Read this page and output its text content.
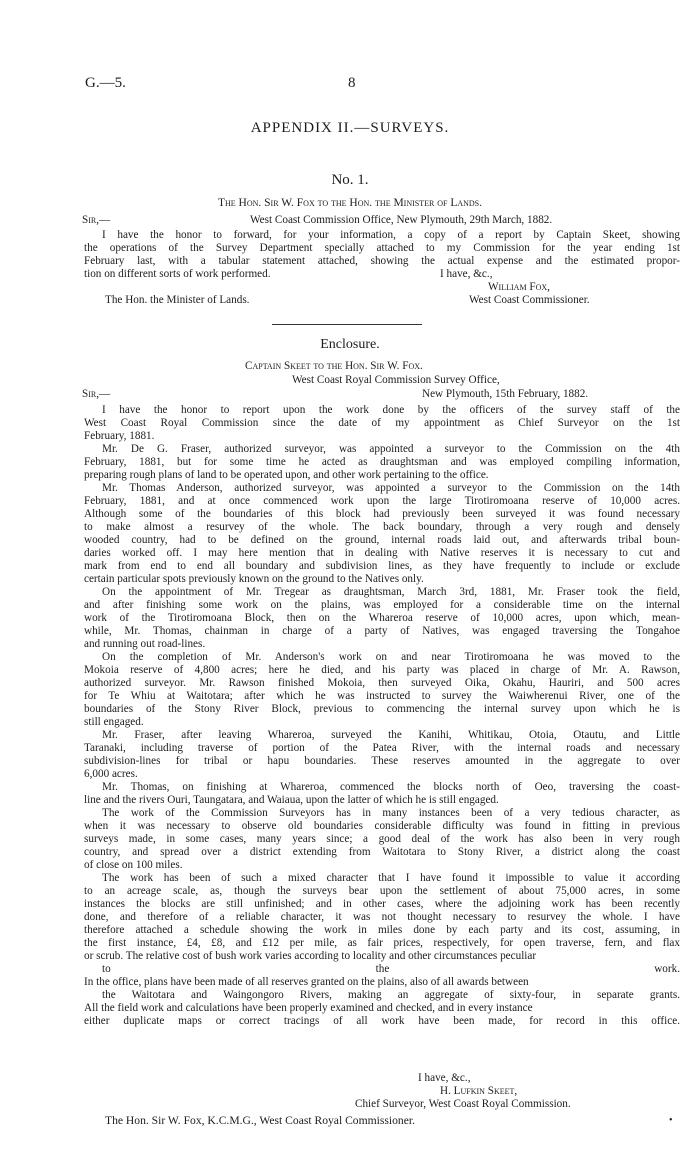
G.—5.	8
APPENDIX II.—SURVEYS.
No. 1.
The Hon. Sir W. Fox to the Hon. the Minister of Lands.
Sir,—	West Coast Commission Office, New Plymouth, 29th March, 1882.
I have the honor to forward, for your information, a copy of a report by Captain Skeet, showing
the operations of the Survey Department specially attached to my Commission for the year ending 1st
February last, with a tabular statement attached, showing the actual expense and the estimated propor-
tion on different sorts of work performed.	I have, &c.,
William Fox,
The Hon. the Minister of Lands.	West Coast Commissioner.
Enclosure.
Captain Skeet to the Hon. Sir W. Fox.
West Coast Royal Commission Survey Office,
Sir,—	New Plymouth, 15th February, 1882.
I have the honor to report upon the work done by the officers of the survey staff of the
West Coast Royal Commission since the date of my appointment as Chief Surveyor on the 1st
February, 1881.
Mr. De G. Fraser, authorized surveyor, was appointed a surveyor to the Commission on the 4th
February, 1881, but for some time he acted as draughtsman and was employed compiling information,
preparing rough plans of land to be operated upon, and other work pertaining to the office.
Mr. Thomas Anderson, authorized surveyor, was appointed a surveyor to the Commission on the 14th
February, 1881, and at once commenced work upon the large Tirotiromoana reserve of 10,000 acres.
Although some of the boundaries of this block had previously been surveyed it was found necessary
to make almost a resurvey of the whole. The back boundary, through a very rough and densely
wooded country, had to be defined on the ground, internal roads laid out, and afterwards tribal boun-
daries worked off. I may here mention that in dealing with Native reserves it is necessary to cut and
mark from end to end all boundary and subdivision lines, as they have frequently to include or exclude
certain particular spots previously known on the ground to the Natives only.
On the appointment of Mr. Tregear as draughtsman, March 3rd, 1881, Mr. Fraser took the field,
and after finishing some work on the plains, was employed for a considerable time on the internal
work of the Tirotiromoana Block, then on the Wharerоa reserve of 10,000 acres, upon which, mean-
while, Mr. Thomas, chainman in charge of a party of Natives, was engaged traversing the Tongahoe
and running out road-lines.
On the completion of Mr. Anderson's work on and near Tirotiromoana he was moved to the
Mokoia reserve of 4,800 acres; here he died, and his party was placed in charge of Mr. A. Rawson,
authorized surveyor. Mr. Rawson finished Mokoia, then surveyed Oika, Okahu, Hauriri, and 500 acres
for Te Whiu at Waitotara; after which he was instructed to survey the Waiwherenui River, one of the
boundaries of the Stony River Block, previous to commencing the internal survey upon which he is
still engaged.
Mr. Fraser, after leaving Whareroa, surveyed the Kanihi, Whitikau, Otoia, Otautu, and Little
Taranaki, including traverse of portion of the Patea River, with the internal roads and necessary
subdivision-lines for tribal or hapu boundaries. These reserves amounted in the aggregate to over
6,000 acres.
Mr. Thomas, on finishing at Whareroa, commenced the blocks north of Oeo, traversing the coast-
line and the rivers Ouri, Taungatara, and Waiaua, upon the latter of which he is still engaged.
The work of the Commission Surveyors has in many instances been of a very tedious character, as
when it was necessary to observe old boundaries considerable difficulty was found in fitting in previous
surveys made, in some cases, many years since; a good deal of the work has also been in very rough
country, and spread over a district extending from Waitotara to Stony River, a district along the coast
of close on 100 miles.
The work has been of such a mixed character that I have found it impossible to value it according
to an acreage scale, as, though the surveys bear upon the settlement of about 75,000 acres, in some
instances the blocks are still unfinished; and in other cases, where the adjoining work has been recently
done, and therefore of a reliable character, it was not thought necessary to resurvey the whole. I have
therefore attached a schedule showing the work in miles done by each party and its cost, assuming, in
the first instance, £4, £8, and £12 per mile, as fair prices, respectively, for open traverse, fern, and flax
or scrub. The relative cost of bush work varies according to locality and other circumstances peculiar
to the work.
In the office, plans have been made of all reserves granted on the plains, also of all awards between
the Waitotara and Waingongoro Rivers, making an aggregate of sixty-four, in separate grants.
All the field work and calculations have been properly examined and checked, and in every instance
either duplicate maps or correct tracings of all work have been made, for record in this office.
I have, &c.,
H. Lufkin Skeet,
Chief Surveyor, West Coast Royal Commission.
The Hon. Sir W. Fox, K.C.M.G., West Coast Royal Commissioner.	•
